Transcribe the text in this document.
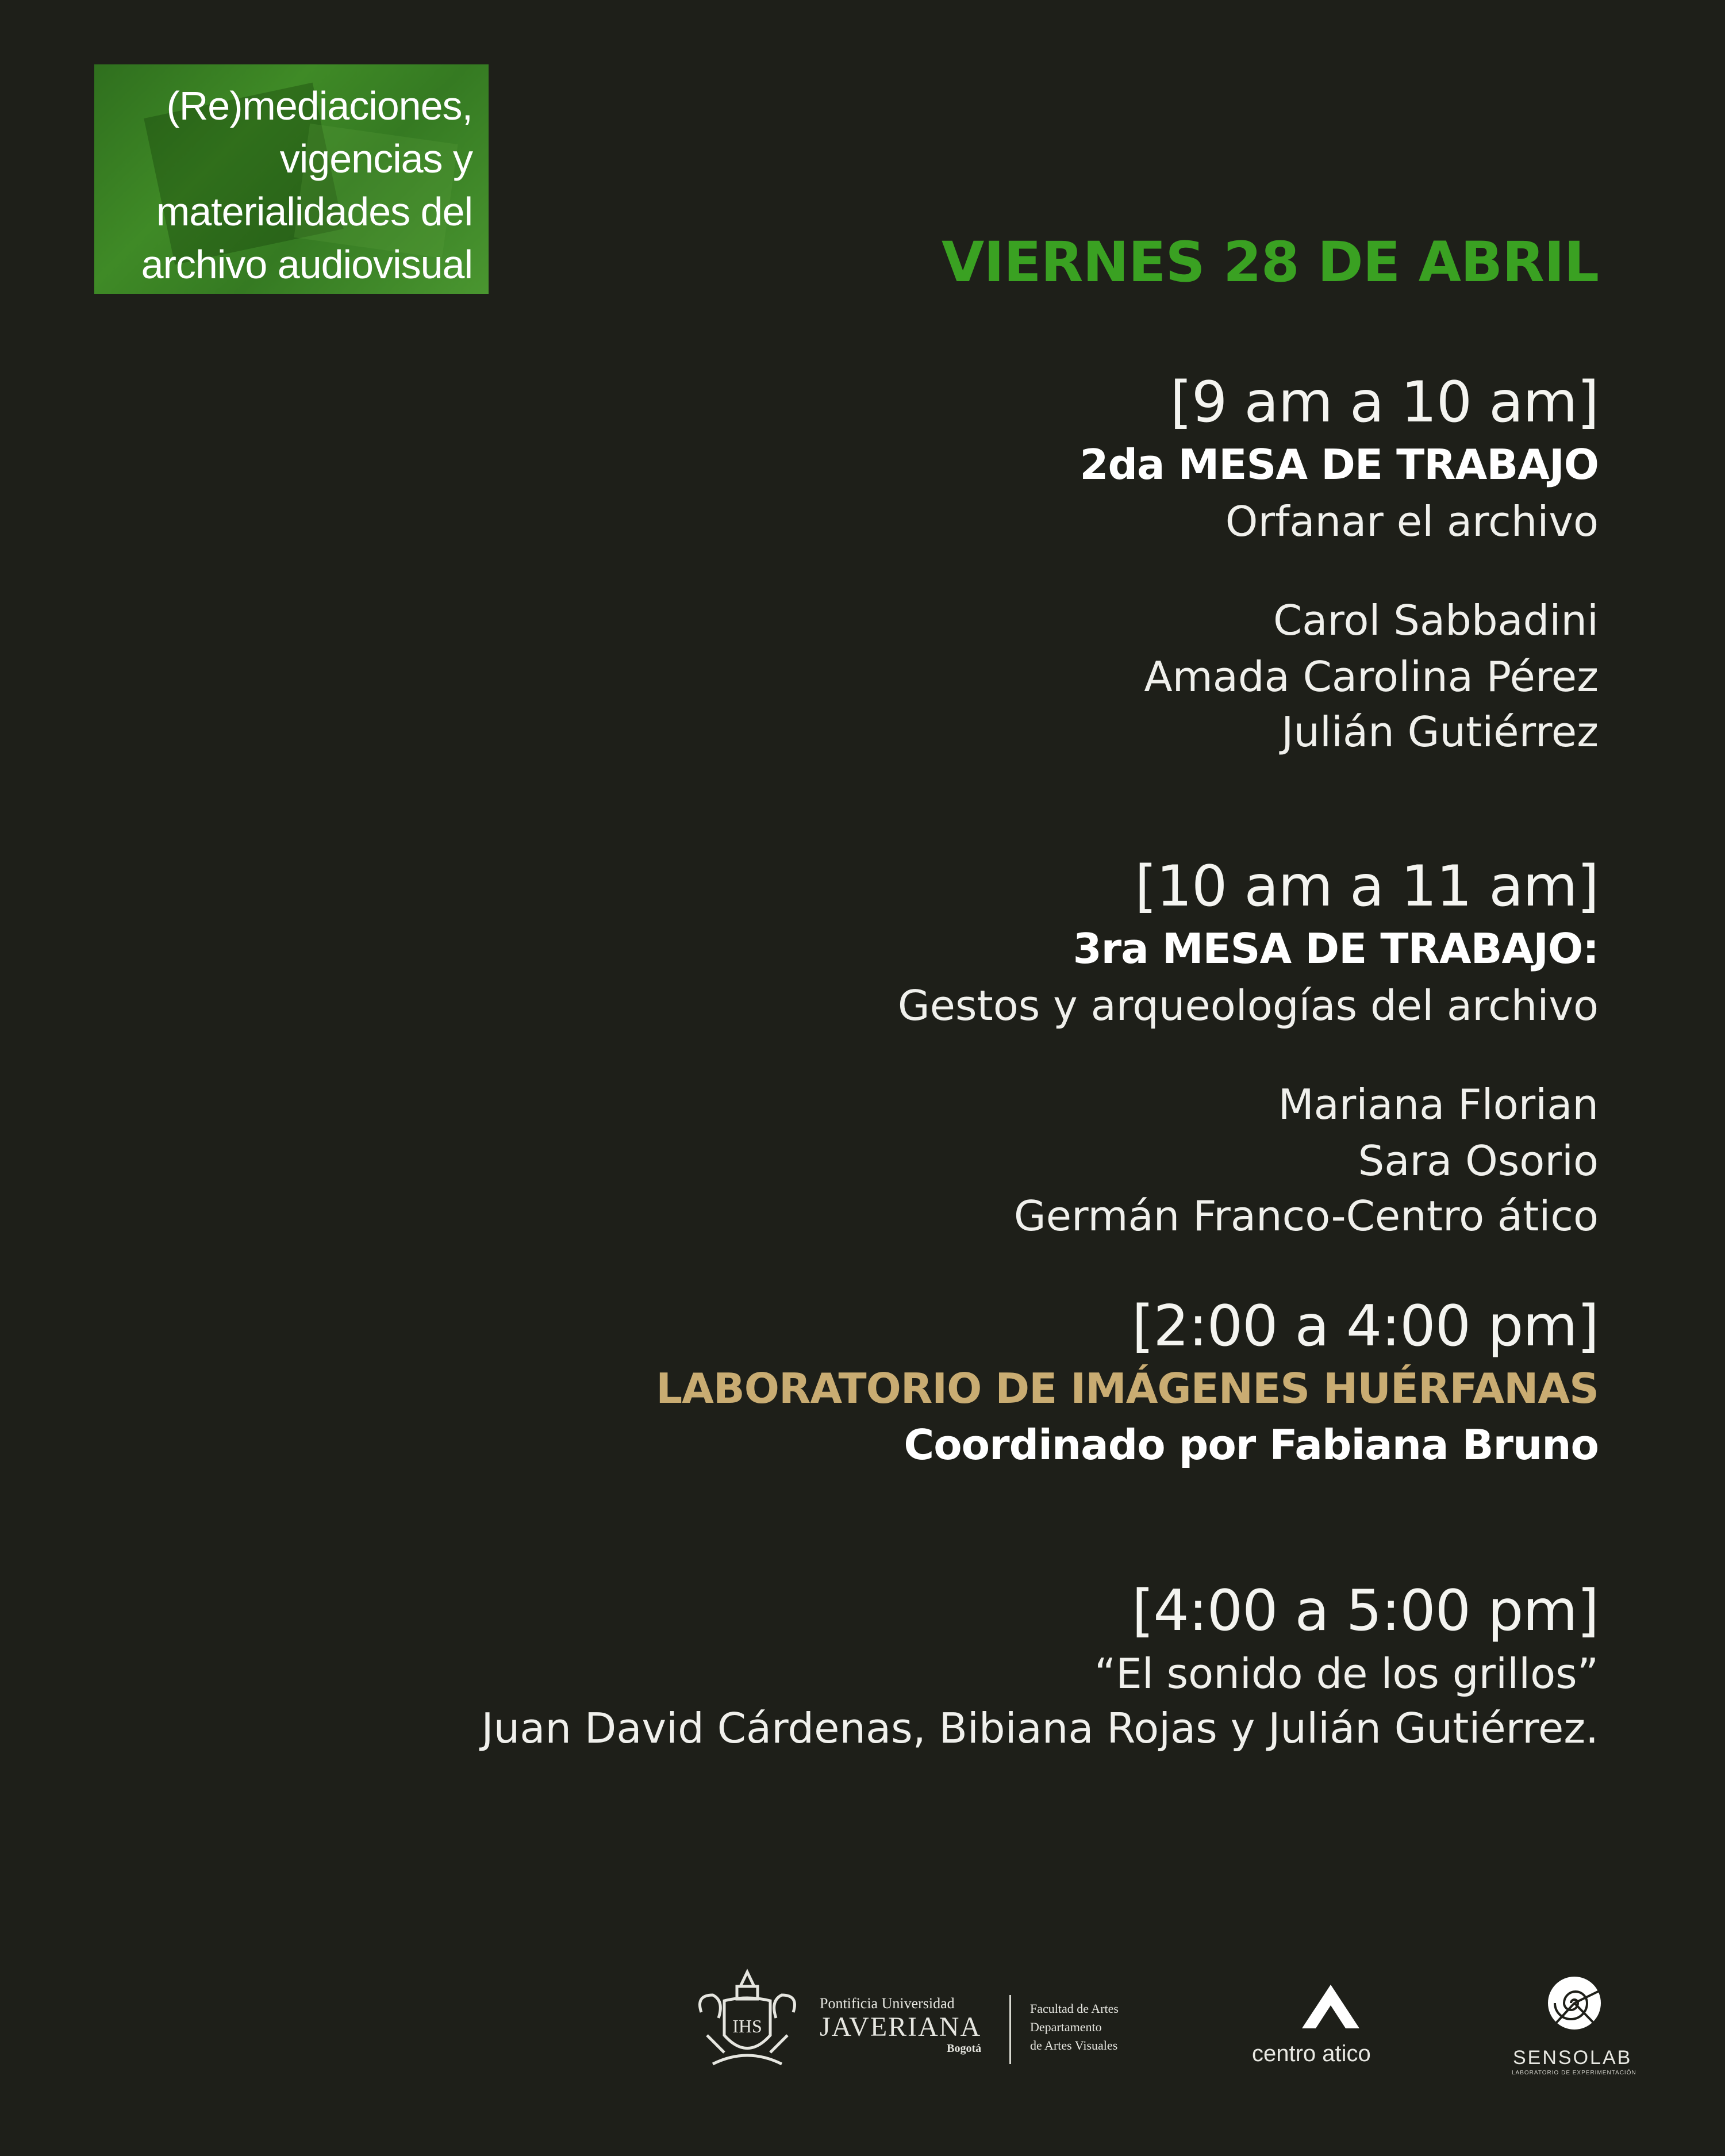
(Re)mediaciones,
vigencias y
materialidades del
archivo audiovisual	VIERNES 28 DE ABRIL
[9 am a 10 am]
2da MESA DE TRABAJO
Orfanar el archivo
Carol Sabbadini
Amada Carolina Pérez
Julián Gutiérrez
[10 am a 11 am]
3ra MESA DE TRABAJO:
Gestos y arqueologías del archivo
Mariana Florian
Sara Osorio
Germán Franco-Centro ático
[2:00 a 4:00 pm]
LABORATORIO DE IMÁGENES HUÉRFANAS
Coordinado por Fabiana Bruno
[4:00 a 5:00 pm]
“El sonido de los grillos”
Juan David Cárdenas, Bibiana Rojas y Julián Gutiérrez.
IHS
Pontificia Universidad
JAVERIANA
Bogotá
Facultad de Artes
Departamento
de Artes Visuales	centro atico	SENSOLAB
LABORATORIO DE EXPERIMENTACIÓN
